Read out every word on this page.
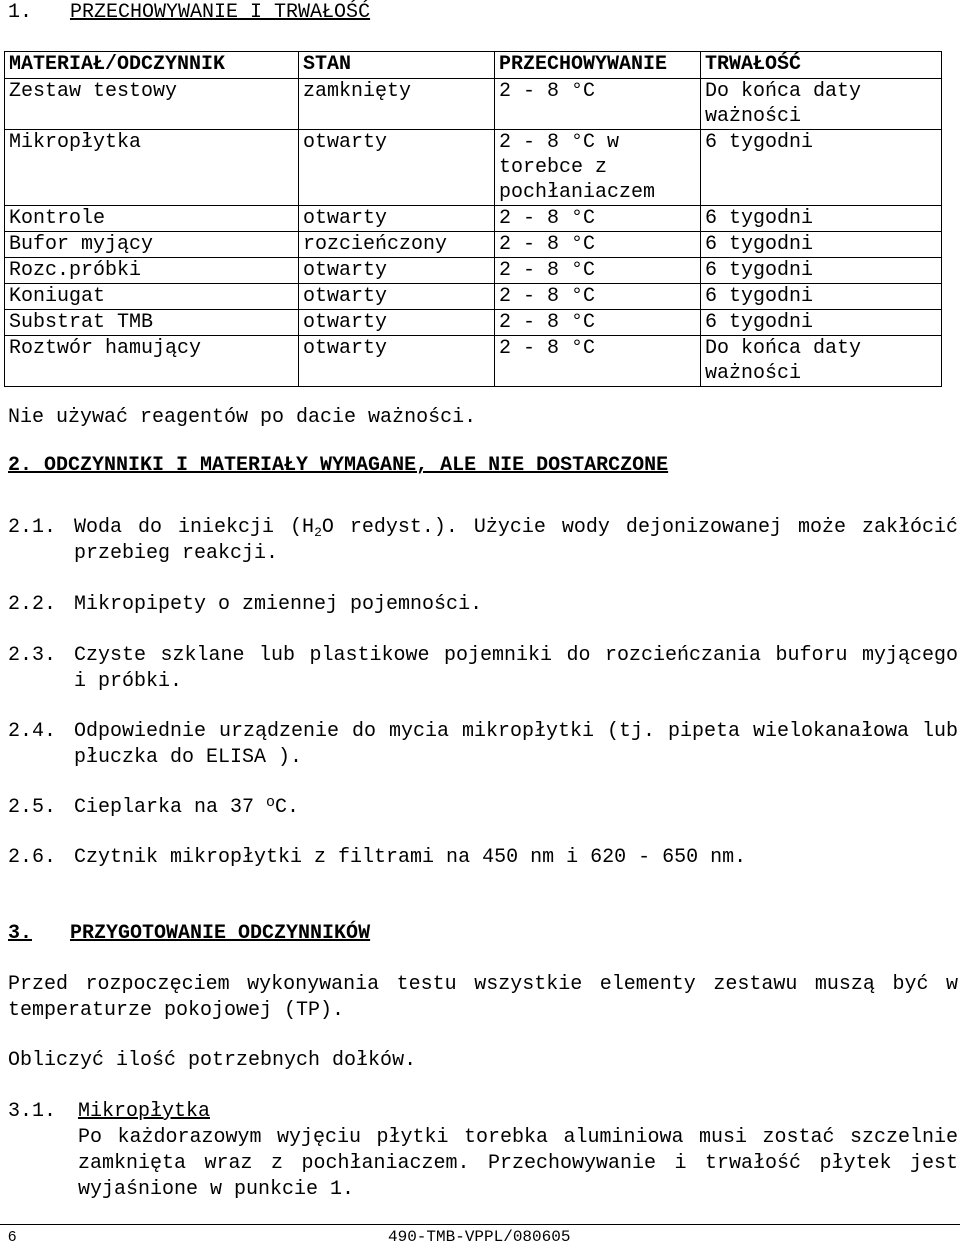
1. PRZECHOWYWANIE I TRWAŁOŚĆ
MATERIAŁ/ODCZYNNIK	STAN	PRZECHOWYWANIE	TRWAŁOŚĆ
Zestaw testowy	zamknięty	2 - 8 °C	Do końca daty ważności
Mikropłytka	otwarty	2 - 8 °C w torebce z pochłaniaczem	6 tygodni
Kontrole	otwarty	2 - 8 °C	6 tygodni
Bufor myjący	rozcieńczony	2 - 8 °C	6 tygodni
Rozc.próbki	otwarty	2 - 8 °C	6 tygodni
Koniugat	otwarty	2 - 8 °C	6 tygodni
Substrat TMB	otwarty	2 - 8 °C	6 tygodni
Roztwór hamujący	otwarty	2 - 8 °C	Do końca daty ważności
Nie używać reagentów po dacie ważności.
2. ODCZYNNIKI I MATERIAŁY WYMAGANE, ALE NIE DOSTARCZONE
2.1. Woda do iniekcji ($H_2O$ redyst.). Użycie wody dejonizowanej może zakłócić przebieg reakcji.
2.2. Mikropipety o zmiennej pojemności.
2.3. Czyste szklane lub plastikowe pojemniki do rozcieńczania buforu myjącego i próbki.
2.4. Odpowiednie urządzenie do mycia mikropłytki (tj. pipeta wielokanałowa lub płuczka do ELISA ).
2.5. Cieplarka na 37 $^o$C.
2.6. Czytnik mikropłytki z filtrami na 450 nm i 620 - 650 nm.
3. PRZYGOTOWANIE ODCZYNNIKÓW
Przed rozpoczęciem wykonywania testu wszystkie elementy zestawu muszą być w temperaturze pokojowej (TP).
Obliczyć ilość potrzebnych dołków.
3.1. Mikropłytka
Po każdorazowym wyjęciu płytki torebka aluminiowa musi zostać szczelnie zamknięta wraz z pochłaniaczem. Przechowywanie i trwałość płytek jest wyjaśnione w punkcie 1.
6	490-TMB-VPPL/080605
